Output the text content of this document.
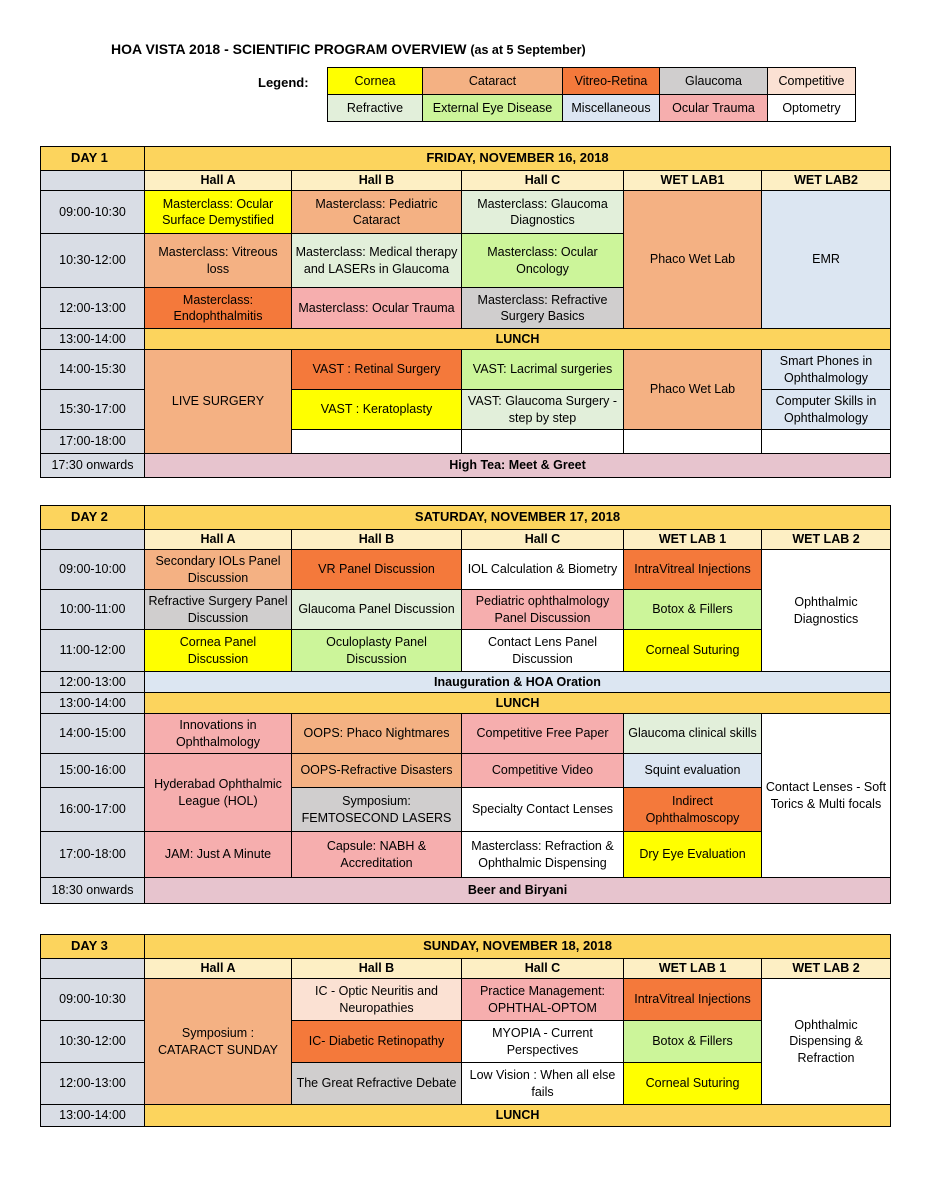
HOA VISTA 2018 - SCIENTIFIC PROGRAM OVERVIEW (as at 5 September)
Legend:	Cornea	Cataract	Vitreo-Retina	Glaucoma	Competitive
Refractive	External Eye Disease	Miscellaneous	Ocular Trauma	Optometry
DAY 1	FRIDAY, NOVEMBER 16, 2018				
	Hall A	Hall B	Hall C	WET LAB1	WET LAB2
09:00-10:30	Masterclass: Ocular Surface Demystified	Masterclass: Pediatric Cataract	Masterclass: Glaucoma Diagnostics	Phaco Wet Lab	EMR
10:30-12:00	Masterclass: Vitreous loss	Masterclass: Medical therapy and LASERs in Glaucoma	Masterclass: Ocular Oncology		
12:00-13:00	Masterclass: Endophthalmitis	Masterclass: Ocular Trauma	Masterclass: Refractive Surgery Basics		
13:00-14:00	LUNCH				
14:00-15:30	LIVE SURGERY	VAST : Retinal Surgery	VAST: Lacrimal surgeries	Phaco Wet Lab	Smart Phones in Ophthalmology
15:30-17:00		VAST : Keratoplasty	VAST: Glaucoma Surgery - step by step		Computer Skills in Ophthalmology
17:00-18:00					
17:30 onwards	High Tea: Meet & Greet				
DAY 2	SATURDAY, NOVEMBER 17, 2018				
	Hall A	Hall B	Hall C	WET LAB 1	WET LAB 2
09:00-10:00	Secondary IOLs Panel Discussion	VR Panel Discussion	IOL Calculation & Biometry	IntraVitreal Injections	Ophthalmic Diagnostics
10:00-11:00	Refractive Surgery Panel Discussion	Glaucoma Panel Discussion	Pediatric ophthalmology Panel Discussion	Botox & Fillers	
11:00-12:00	Cornea Panel Discussion	Oculoplasty Panel Discussion	Contact Lens Panel Discussion	Corneal Suturing	
12:00-13:00	Inauguration & HOA Oration				
13:00-14:00	LUNCH				
14:00-15:00	Innovations in Ophthalmology	OOPS: Phaco Nightmares	Competitive Free Paper	Glaucoma clinical skills	Contact Lenses - Soft Torics & Multi focals
15:00-16:00	Hyderabad Ophthalmic League (HOL)	OOPS-Refractive Disasters	Competitive Video	Squint evaluation	
16:00-17:00		Symposium: FEMTOSECOND LASERS	Specialty Contact Lenses	Indirect Ophthalmoscopy	
17:00-18:00	JAM: Just A Minute	Capsule: NABH & Accreditation	Masterclass: Refraction & Ophthalmic Dispensing	Dry Eye Evaluation	
18:30 onwards	Beer and Biryani				
DAY 3	SUNDAY, NOVEMBER 18, 2018				
	Hall A	Hall B	Hall C	WET LAB 1	WET LAB 2
09:00-10:30	Symposium : CATARACT SUNDAY	IC - Optic Neuritis and Neuropathies	Practice Management: OPHTHAL-OPTOM	IntraVitreal Injections	Ophthalmic Dispensing & Refraction
10:30-12:00		IC- Diabetic Retinopathy	MYOPIA - Current Perspectives	Botox & Fillers	
12:00-13:00		The Great Refractive Debate	Low Vision : When all else fails	Corneal Suturing	
13:00-14:00	LUNCH				
